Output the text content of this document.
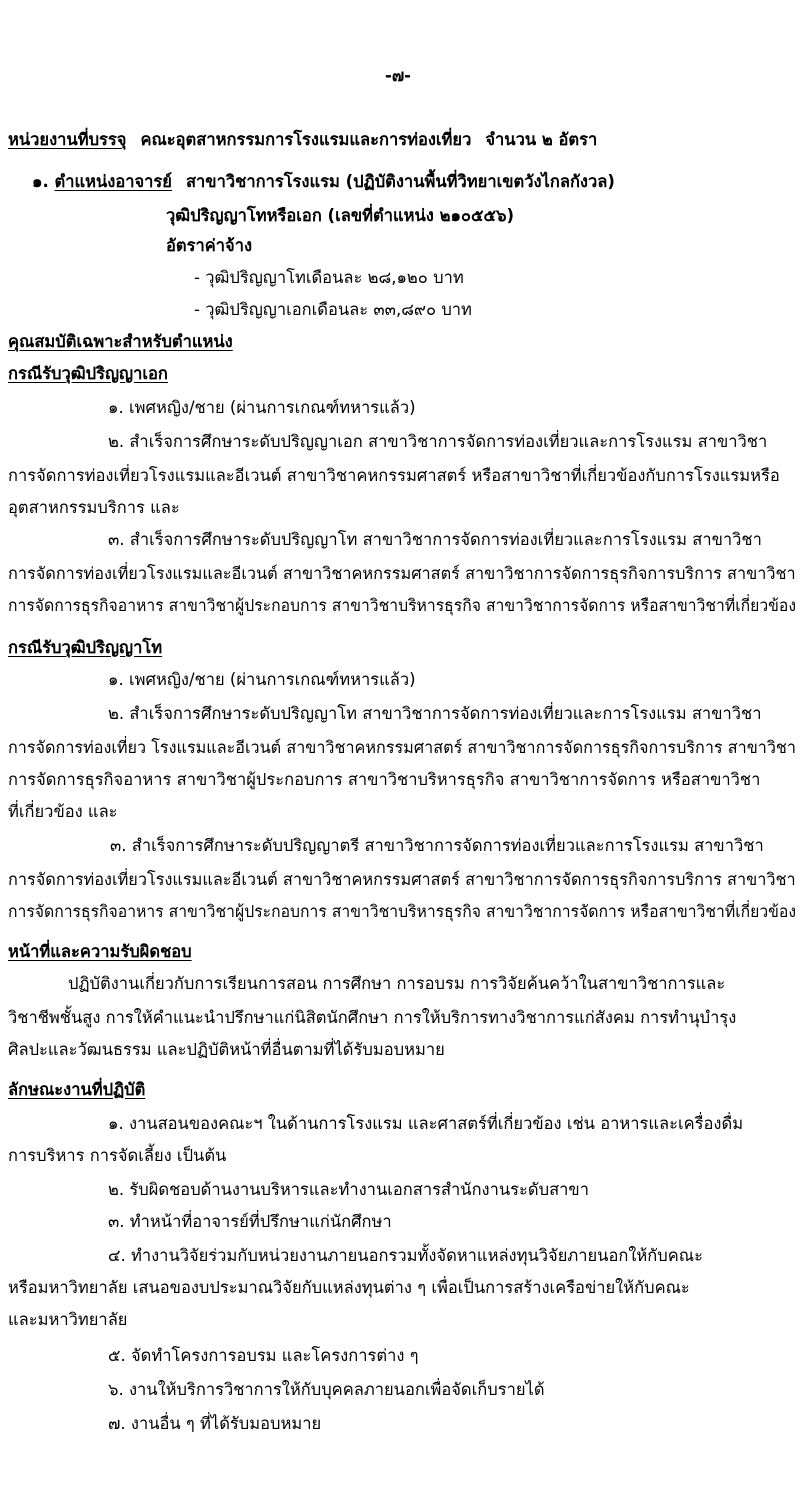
-๗-
หน่วยงานที่บรรจุ คณะอุตสาหกรรมการโรงแรมและการท่องเที่ยว จำนวน ๒ อัตรา
๑. ตำแหน่งอาจารย์ สาขาวิชาการโรงแรม (ปฏิบัติงานพื้นที่วิทยาเขตวังไกลกังวล)
วุฒิปริญญาโทหรือเอก (เลขที่ตำแหน่ง ๒๑๐๕๕๖)
อัตราค่าจ้าง
- วุฒิปริญญาโทเดือนละ ๒๘,๑๒๐ บาท
- วุฒิปริญญาเอกเดือนละ ๓๓,๘๙๐ บาท
คุณสมบัติเฉพาะสำหรับตำแหน่ง
กรณีรับวุฒิปริญญาเอก
๑. เพศหญิง/ชาย (ผ่านการเกณฑ์ทหารแล้ว)
๒. สำเร็จการศึกษาระดับปริญญาเอก สาขาวิชาการจัดการท่องเที่ยวและการโรงแรม สาขาวิชา
การจัดการท่องเที่ยวโรงแรมและอีเวนต์ สาขาวิชาคหกรรมศาสตร์ หรือสาขาวิชาที่เกี่ยวข้องกับการโรงแรมหรือ
อุตสาหกรรมบริการ และ
๓. สำเร็จการศึกษาระดับปริญญาโท สาขาวิชาการจัดการท่องเที่ยวและการโรงแรม สาขาวิชา
การจัดการท่องเที่ยวโรงแรมและอีเวนต์ สาขาวิชาคหกรรมศาสตร์ สาขาวิชาการจัดการธุรกิจการบริการ สาขาวิชา
การจัดการธุรกิจอาหาร สาขาวิชาผู้ประกอบการ สาขาวิชาบริหารธุรกิจ สาขาวิชาการจัดการ หรือสาขาวิชาที่เกี่ยวข้อง
กรณีรับวุฒิปริญญาโท
๑. เพศหญิง/ชาย (ผ่านการเกณฑ์ทหารแล้ว)
๒. สำเร็จการศึกษาระดับปริญญาโท สาขาวิชาการจัดการท่องเที่ยวและการโรงแรม สาขาวิชา
การจัดการท่องเที่ยว โรงแรมและอีเวนต์ สาขาวิชาคหกรรมศาสตร์ สาขาวิชาการจัดการธุรกิจการบริการ สาขาวิชา
การจัดการธุรกิจอาหาร สาขาวิชาผู้ประกอบการ สาขาวิชาบริหารธุรกิจ สาขาวิชาการจัดการ หรือสาขาวิชา
ที่เกี่ยวข้อง และ
๓. สำเร็จการศึกษาระดับปริญญาตรี สาขาวิชาการจัดการท่องเที่ยวและการโรงแรม สาขาวิชา
การจัดการท่องเที่ยวโรงแรมและอีเวนต์ สาขาวิชาคหกรรมศาสตร์ สาขาวิชาการจัดการธุรกิจการบริการ สาขาวิชา
การจัดการธุรกิจอาหาร สาขาวิชาผู้ประกอบการ สาขาวิชาบริหารธุรกิจ สาขาวิชาการจัดการ หรือสาขาวิชาที่เกี่ยวข้อง
หน้าที่และความรับผิดชอบ
ปฏิบัติงานเกี่ยวกับการเรียนการสอน การศึกษา การอบรม การวิจัยค้นคว้าในสาขาวิชาการและ
วิชาชีพชั้นสูง การให้คำแนะนำปรึกษาแก่นิสิตนักศึกษา การให้บริการทางวิชาการแก่สังคม การทำนุบำรุง
ศิลปะและวัฒนธรรม และปฏิบัติหน้าที่อื่นตามที่ได้รับมอบหมาย
ลักษณะงานที่ปฏิบัติ
๑. งานสอนของคณะฯ ในด้านการโรงแรม และศาสตร์ที่เกี่ยวข้อง เช่น อาหารและเครื่องดื่ม
การบริหาร การจัดเลี้ยง เป็นต้น
๒. รับผิดชอบด้านงานบริหารและทำงานเอกสารสำนักงานระดับสาขา
๓. ทำหน้าที่อาจารย์ที่ปรึกษาแก่นักศึกษา
๔. ทำงานวิจัยร่วมกับหน่วยงานภายนอกรวมทั้งจัดหาแหล่งทุนวิจัยภายนอกให้กับคณะ
หรือมหาวิทยาลัย เสนอของบประมาณวิจัยกับแหล่งทุนต่าง ๆ เพื่อเป็นการสร้างเครือข่ายให้กับคณะ
และมหาวิทยาลัย
๕. จัดทำโครงการอบรม และโครงการต่าง ๆ
๖. งานให้บริการวิชาการให้กับบุคคลภายนอกเพื่อจัดเก็บรายได้
๗. งานอื่น ๆ ที่ได้รับมอบหมาย
